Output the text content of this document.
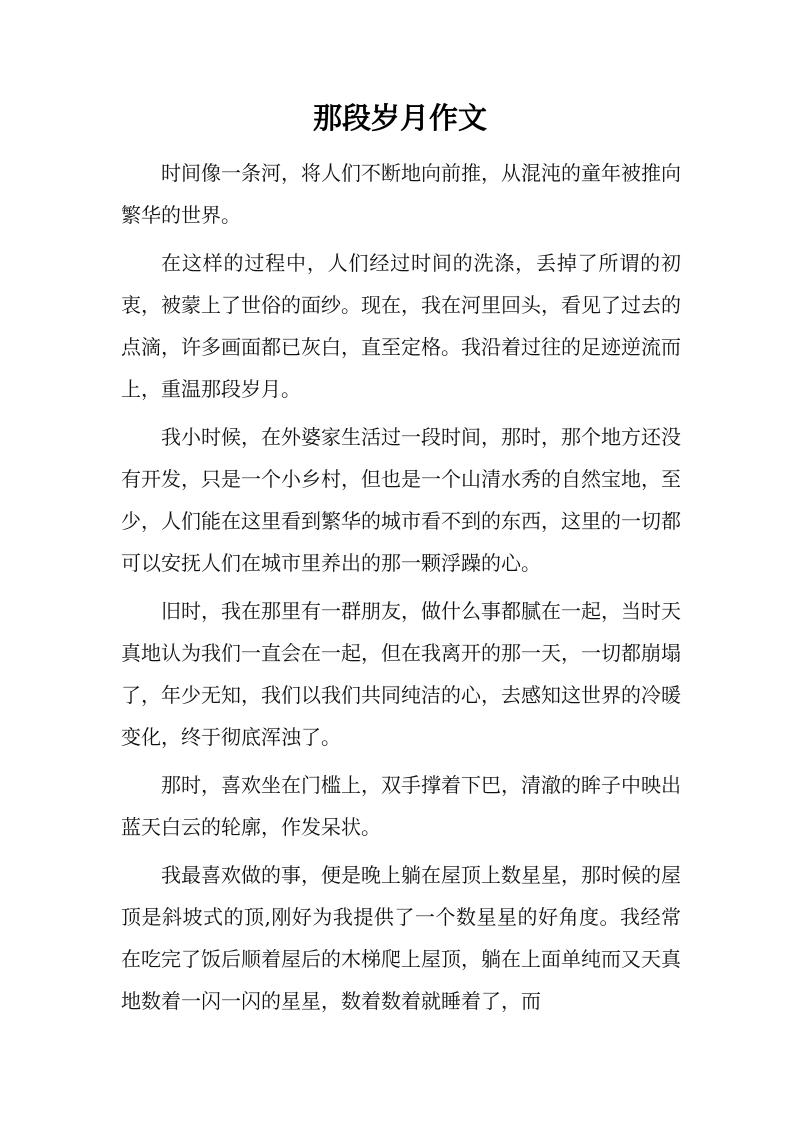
那段岁月作文

时间像一条河，将人们不断地向前推，从混沌的童年被推向繁华的世界。

在这样的过程中，人们经过时间的洗涤，丢掉了所谓的初衷，被蒙上了世俗的面纱。现在，我在河里回头，看见了过去的点滴，许多画面都已灰白，直至定格。我沿着过往的足迹逆流而上，重温那段岁月。

我小时候，在外婆家生活过一段时间，那时，那个地方还没有开发，只是一个小乡村，但也是一个山清水秀的自然宝地，至少，人们能在这里看到繁华的城市看不到的东西，这里的一切都可以安抚人们在城市里养出的那一颗浮躁的心。

旧时，我在那里有一群朋友，做什么事都腻在一起，当时天真地认为我们一直会在一起，但在我离开的那一天，一切都崩塌了，年少无知，我们以我们共同纯洁的心，去感知这世界的冷暖变化，终于彻底浑浊了。

那时，喜欢坐在门槛上，双手撑着下巴，清澈的眸子中映出蓝天白云的轮廓，作发呆状。

我最喜欢做的事，便是晚上躺在屋顶上数星星，那时候的屋顶是斜坡式的顶,刚好为我提供了一个数星星的好角度。我经常在吃完了饭后顺着屋后的木梯爬上屋顶，躺在上面单纯而又天真地数着一闪一闪的星星，数着数着就睡着了，而
